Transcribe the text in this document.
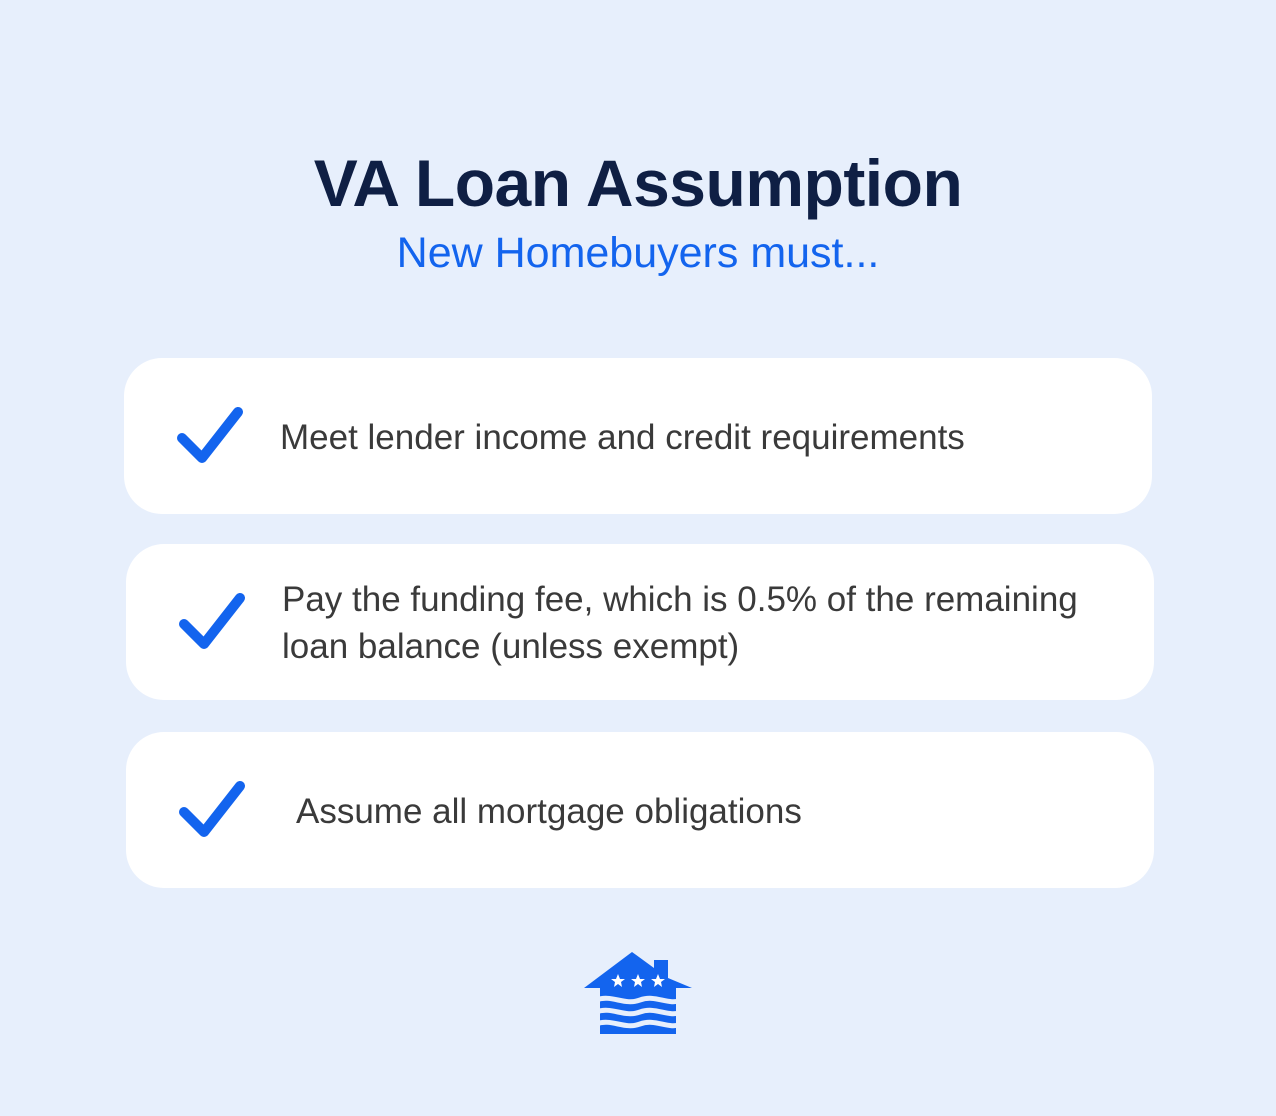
VA Loan Assumption
New Homebuyers must...
Meet lender income and credit requirements
Pay the funding fee, which is 0.5% of the remaining loan balance (unless exempt)
Assume all mortgage obligations
